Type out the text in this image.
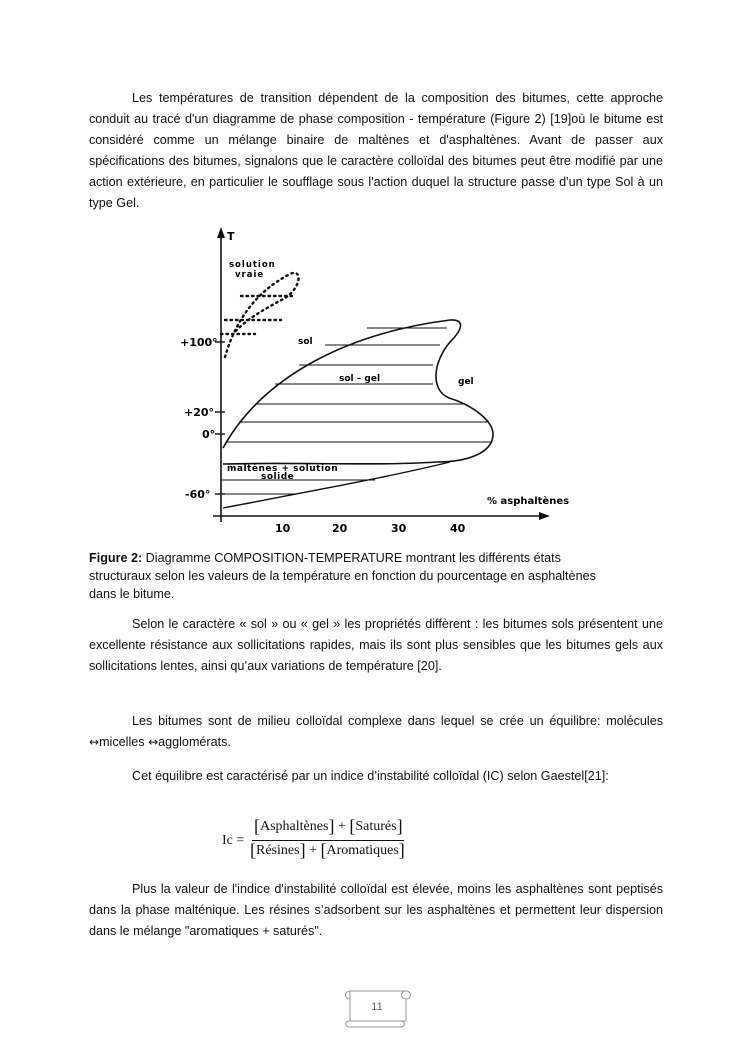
Les températures de transition dépendent de la composition des bitumes, cette approche conduit au tracé d'un diagramme de phase composition - température (Figure 2) [19]où le bitume est considéré comme un mélange binaire de maltènes et d'asphaltènes. Avant de passer aux spécifications des bitumes, signalons que le caractère colloïdal des bitumes peut être modifié par une action extérieure, en particulier le soufflage sous l'action duquel la structure passe d'un type Sol à un type Gel.

+100°
+20°
0°
-60°
10	20	30	40
T
% asphaltènes
solution
vraie
sol
sol – gel	gel
maltènes + solution
solide

Figure 2: Diagramme COMPOSITION-TEMPERATURE montrant les différents états structuraux selon les valeurs de la température en fonction du pourcentage en asphaltènes dans le bitume.

Selon le caractère « sol » ou « gel » les propriétés diffèrent : les bitumes sols présentent une excellente résistance aux sollicitations rapides, mais ils sont plus sensibles que les bitumes gels aux sollicitations lentes, ainsi qu’aux variations de température [20].

Les bitumes sont de milieu colloïdal complexe dans lequel se crée un équilibre: molécules ↔micelles ↔agglomérats.

Cet équilibre est caractérisé par un indice d’instabilité colloïdal (IC) selon Gaestel[21]:

Ic =
[Asphaltènes] + [Saturés]
[Résines] + [Aromatiques]

Plus la valeur de l'indice d'instabilité colloïdal est élevée, moins les asphaltènes sont peptisés dans la phase malténique. Les résines s’adsorbent sur les asphaltènes et permettent leur dispersion dans le mélange "aromatiques + saturés".

11
